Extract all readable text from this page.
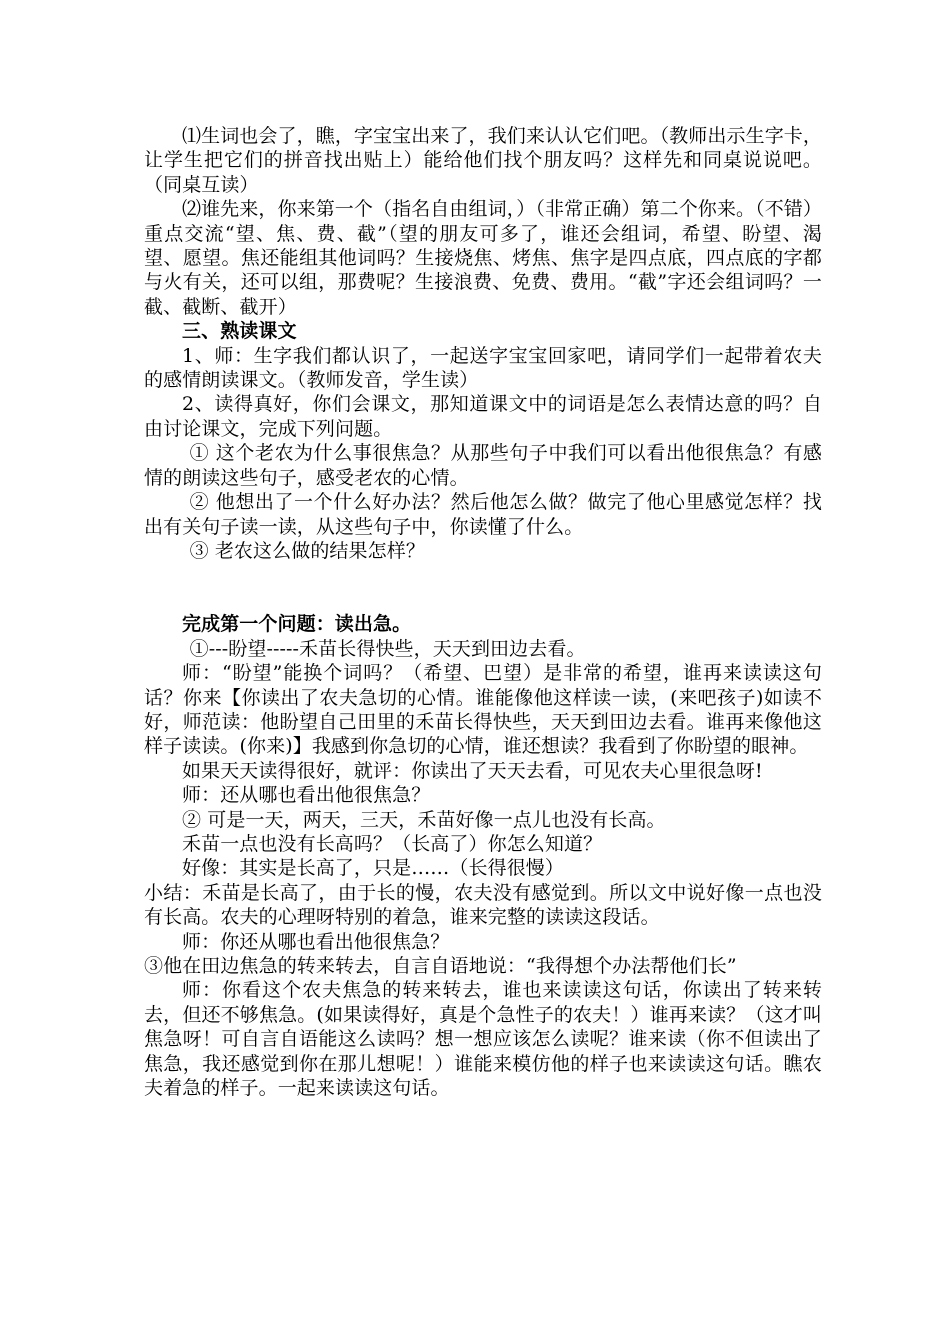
⑴生词也会了，瞧，字宝宝出来了，我们来认认它们吧。（教师出示生字卡，让学生把它们的拼音找出贴上）能给他们找个朋友吗？这样先和同桌说说吧。（同桌互读）

⑵谁先来，你来第一个（指名自由组词，）（非常正确）第二个你来。（不错）重点交流“望、焦、费、截”（望的朋友可多了，谁还会组词，希望、盼望、渴望、愿望。焦还能组其他词吗？生接烧焦、烤焦、焦字是四点底，四点底的字都与火有关，还可以组，那费呢？生接浪费、免费、费用。“截”字还会组词吗？一截、截断、截开）

三、熟读课文

1、师：生字我们都认识了，一起送字宝宝回家吧，请同学们一起带着农夫的感情朗读课文。（教师发音，学生读）

2、读得真好，你们会课文，那知道课文中的词语是怎么表情达意的吗？自由讨论课文，完成下列问题。

① 这个老农为什么事很焦急？从那些句子中我们可以看出他很焦急？有感情的朗读这些句子，感受老农的心情。

② 他想出了一个什么好办法？然后他怎么做？做完了他心里感觉怎样？找出有关句子读一读，从这些句子中，你读懂了什么。

③ 老农这么做的结果怎样？

完成第一个问题：读出急。

①---盼望-----禾苗长得快些，天天到田边去看。

师：“盼望”能换个词吗？（希望、巴望）是非常的希望，谁再来读读这句话？你来【你读出了农夫急切的心情。谁能像他这样读一读，(来吧孩子)如读不好，师范读：他盼望自己田里的禾苗长得快些，天天到田边去看。谁再来像他这样子读读。(你来)】我感到你急切的心情，谁还想读？我看到了你盼望的眼神。

如果天天读得很好，就评：你读出了天天去看，可见农夫心里很急呀!

师：还从哪也看出他很焦急？

② 可是一天，两天，三天，禾苗好像一点儿也没有长高。

禾苗一点也没有长高吗？（长高了）你怎么知道？

好像：其实是长高了，只是……（长得很慢）

小结：禾苗是长高了，由于长的慢，农夫没有感觉到。所以文中说好像一点也没有长高。农夫的心理呀特别的着急，谁来完整的读读这段话。

师：你还从哪也看出他很焦急？

③他在田边焦急的转来转去，自言自语地说：“我得想个办法帮他们长”

师：你看这个农夫焦急的转来转去，谁也来读读这句话，你读出了转来转去，但还不够焦急。(如果读得好，真是个急性子的农夫！）谁再来读？（这才叫焦急呀！可自言自语能这么读吗？想一想应该怎么读呢？谁来读（你不但读出了焦急，我还感觉到你在那儿想呢！）谁能来模仿他的样子也来读读这句话。瞧农夫着急的样子。一起来读读这句话。
